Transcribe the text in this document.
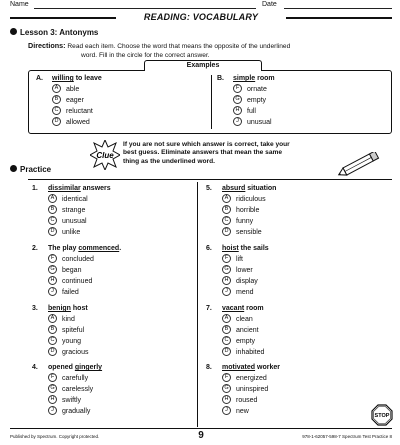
Name	Date
READING: VOCABULARY
Lesson 3: Antonyms
Directions: Read each item. Choose the word that means the opposite of the underlined
word. Fill in the circle for the correct answer.
Examples
A. willing to leave
A able
B eager
C reluctant
D allowed
B. simple room
F ornate
G empty
H full
J unusual
Clue
If you are not sure which answer is correct, take your
best guess. Eliminate answers that mean the same
thing as the underlined word.
Practice
1. dissimilar answers
A identical
B strange
C unusual
D unlike
2. The play commenced.
F concluded
G began
H continued
J failed
3. benign host
A kind
B spiteful
C young
D gracious
4. opened gingerly
F carefully
G carelessly
H swiftly
J gradually
5. absurd situation
A ridiculous
B horrible
C funny
D sensible
6. hoist the sails
F lift
G lower
H display
J mend
7. vacant room
A clean
B ancient
C empty
D inhabited
8. motivated worker
F energized
G uninspired
H roused
J new
STOP
Published by Spectrum. Copyright protected.	9	978-1-62057-598-7 Spectrum Test Practice 8
